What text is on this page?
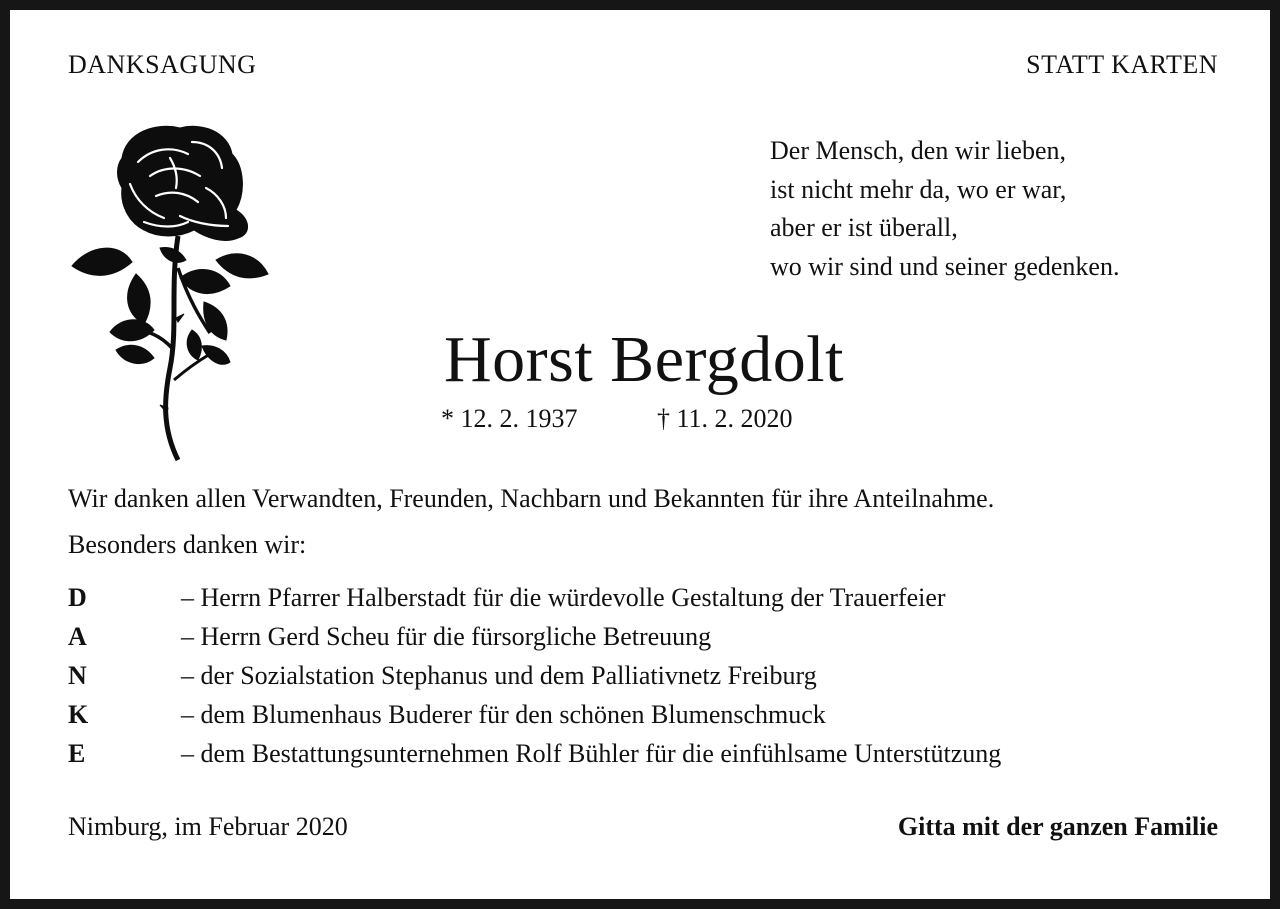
DANKSAGUNG	STATT KARTEN
Der Mensch, den wir lieben,
ist nicht mehr da, wo er war,
aber er ist überall,
wo wir sind und seiner gedenken.
Horst Bergdolt
* 12. 2. 1937	† 11. 2. 2020
Wir danken allen Verwandten, Freunden, Nachbarn und Bekannten für ihre Anteilnahme.
Besonders danken wir:
D	– Herrn Pfarrer Halberstadt für die würdevolle Gestaltung der Trauerfeier
A	– Herrn Gerd Scheu für die fürsorgliche Betreuung
N	– der Sozialstation Stephanus und dem Palliativnetz Freiburg
K	– dem Blumenhaus Buderer für den schönen Blumenschmuck
E	– dem Bestattungsunternehmen Rolf Bühler für die einfühlsame Unterstützung
Nimburg, im Februar 2020	Gitta mit der ganzen Familie
